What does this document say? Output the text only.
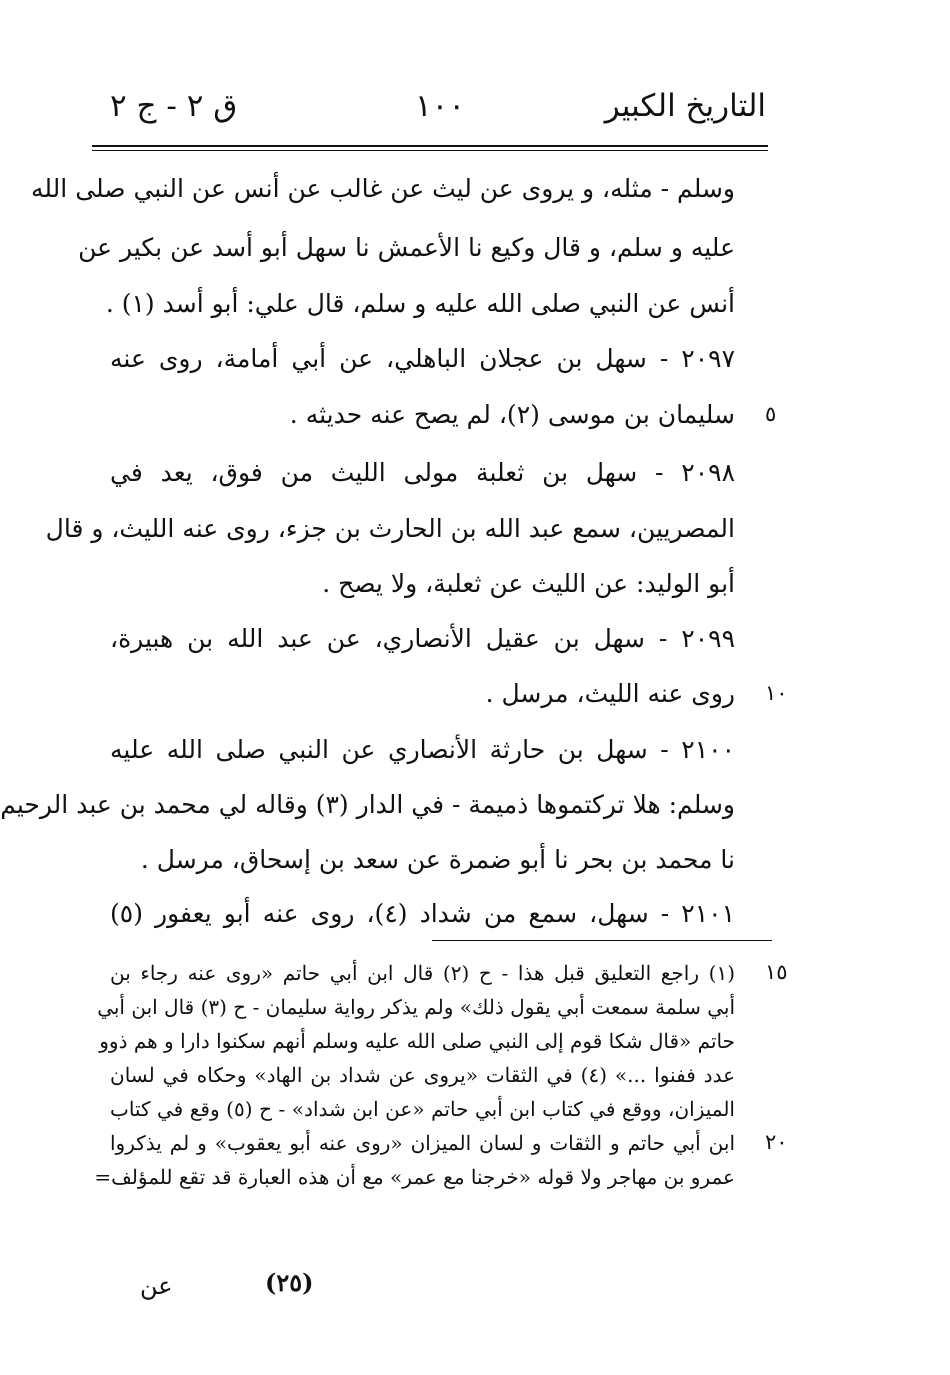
التاريخ الكبير
١٠٠
ق ٢ - ج ٢
وسلم - مثله، و يروى عن ليث عن غالب عن أنس عن النبي صلى الله
عليه و سلم، و قال وكيع نا الأعمش نا سهل أبو أسد عن بكير عن
أنس عن النبي صلى الله عليه و سلم، قال علي: أبو أسد (١) .
٢٠٩٧ - سهل بن عجلان الباهلي، عن أبي أمامة، روى عنه
سليمان بن موسى (٢)، لم يصح عنه حديثه . ٥
٢٠٩٨ - سهل بن ثعلبة مولى الليث من فوق، يعد في
المصريين، سمع عبد الله بن الحارث بن جزء، روى عنه الليث، و قال
أبو الوليد: عن الليث عن ثعلبة، ولا يصح .
٢٠٩٩ - سهل بن عقيل الأنصاري، عن عبد الله بن هبيرة،
روى عنه الليث، مرسل . ١٠
٢١٠٠ - سهل بن حارثة الأنصاري عن النبي صلى الله عليه
وسلم: هلا تركتموها ذميمة - في الدار (٣) وقاله لي محمد بن عبد الرحيم
نا محمد بن بحر نا أبو ضمرة عن سعد بن إسحاق، مرسل .
٢١٠١ - سهل، سمع من شداد (٤)، روى عنه أبو يعفور (٥)
(١) راجع التعليق قبل هذا - ح (٢) قال ابن أبي حاتم «روى عنه رجاء بن ١٥
أبي سلمة سمعت أبي يقول ذلك» ولم يذكر رواية سليمان - ح (٣) قال ابن أبي
حاتم «قال شكا قوم إلى النبي صلى الله عليه وسلم أنهم سكنوا دارا و هم ذوو
عدد ففنوا ...» (٤) في الثقات «يروى عن شداد بن الهاد» وحكاه في لسان
الميزان، ووقع في كتاب ابن أبي حاتم «عن ابن شداد» - ح (٥) وقع في كتاب
ابن أبي حاتم و الثقات و لسان الميزان «روى عنه أبو يعقوب» و لم يذكروا ٢٠
عمرو بن مهاجر ولا قوله «خرجنا مع عمر» مع أن هذه العبارة قد تقع للمؤلف=
(٢٥)
عن
